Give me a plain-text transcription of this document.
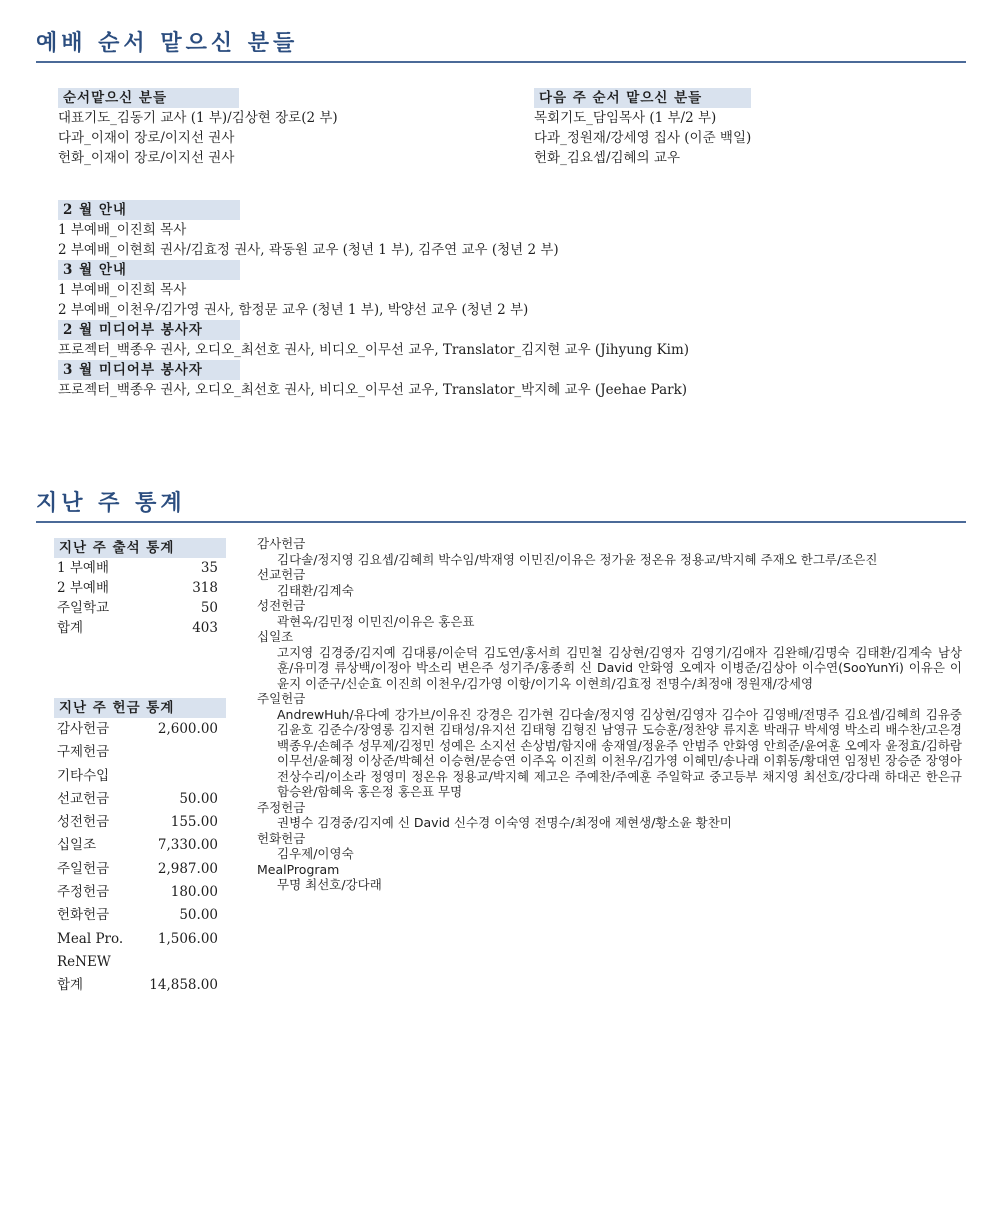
예배 순서 맡으신 분들
순서맡으신 분들
대표기도_김동기 교사 (1 부)/김상현 장로(2 부)
다과_이재이 장로/이지선 권사
헌화_이재이 장로/이지선 권사
다음 주 순서 맡으신 분들
목회기도_담임목사 (1 부/2 부)
다과_정원재/강세영 집사 (이준 백일)
헌화_김요셉/김혜의 교우
2 월 안내
1 부예배_이진희 목사
2 부예배_이현희 권사/김효정 권사, 곽동원 교우 (청년 1 부), 김주연 교우 (청년 2 부)
3 월 안내
1 부예배_이진희 목사
2 부예배_이천우/김가영 권사, 함정문 교우 (청년 1 부), 박양선 교우 (청년 2 부)
2 월 미디어부 봉사자
프로젝터_백종우 권사, 오디오_최선호 권사, 비디오_이무선 교우, Translator_김지현 교우 (Jihyung Kim)
3 월 미디어부 봉사자
프로젝터_백종우 권사, 오디오_최선호 권사, 비디오_이무선 교우, Translator_박지혜 교우 (Jeehae Park)
지난 주 통계
지난 주 출석 통계
1 부예배	35
2 부예배	318
주일학교	50
합계	403
지난 주 헌금 통계
감사헌금	2,600.00
구제헌금
기타수입
선교헌금	50.00
성전헌금	155.00
십일조	7,330.00
주일헌금	2,987.00
주정헌금	180.00
헌화헌금	50.00
Meal Pro.	1,506.00
ReNEW
합계	14,858.00
감사헌금
김다솔/정지영 김요셉/김혜희 박수임/박재영 이민진/이유은 정가윤 정온유 정용교/박지혜 주재오 한그루/조은진
선교헌금
김태환/김계숙
성전헌금
곽현옥/김민정 이민진/이유은 홍은표
십일조
고지영 김경중/김지예 김대룡/이순덕 김도연/홍서희 김민철 김상현/김영자 김영기/김애자 김완해/김명숙 김태환/김계숙 남상훈/유미경 류상백/이정아 박소리 변은주 성기주/홍종희 신 David 안화영 오예자 이병준/김상아 이수연(SooYunYi) 이유은 이윤지 이준구/신순효 이진희 이천우/김가영 이항/이기옥 이현희/김효정 전명수/최정애 정원재/강세영
주일헌금
AndrewHuh/유다예 강가브/이유진 강경은 김가현 김다솔/정지영 김상현/김영자 김수아 김영배/전명주 김요셉/김혜희 김유중 김윤호 김준수/장영롱 김지현 김태성/유지선 김태형 김형진 남영규 도승훈/정찬양 류지혼 박래규 박세영 박소리 배수찬/고은경 백종우/손혜주 성무제/김정민 성예은 소지선 손상범/함지애 송재열/정윤주 안범주 안화영 안희준/윤여훈 오예자 윤정효/김하람 이무선/윤혜정 이상준/박혜선 이승현/문승연 이주옥 이진희 이천우/김가영 이혜민/송나래 이휘동/황대연 임정빈 장승준 장영아 전상수리/이소라 정영미 정온유 정용교/박지혜 제고은 주예찬/주예훈 주일학교 중고등부 채지영 최선호/강다래 하대곤 한은규 함승완/함혜욱 홍은정 홍은표 무명
주정헌금
권병수 김경중/김지예 신 David 신수경 이숙영 전명수/최정애 제현생/황소윤 황찬미
헌화헌금
김우제/이영숙
MealProgram
무명 최선호/강다래
